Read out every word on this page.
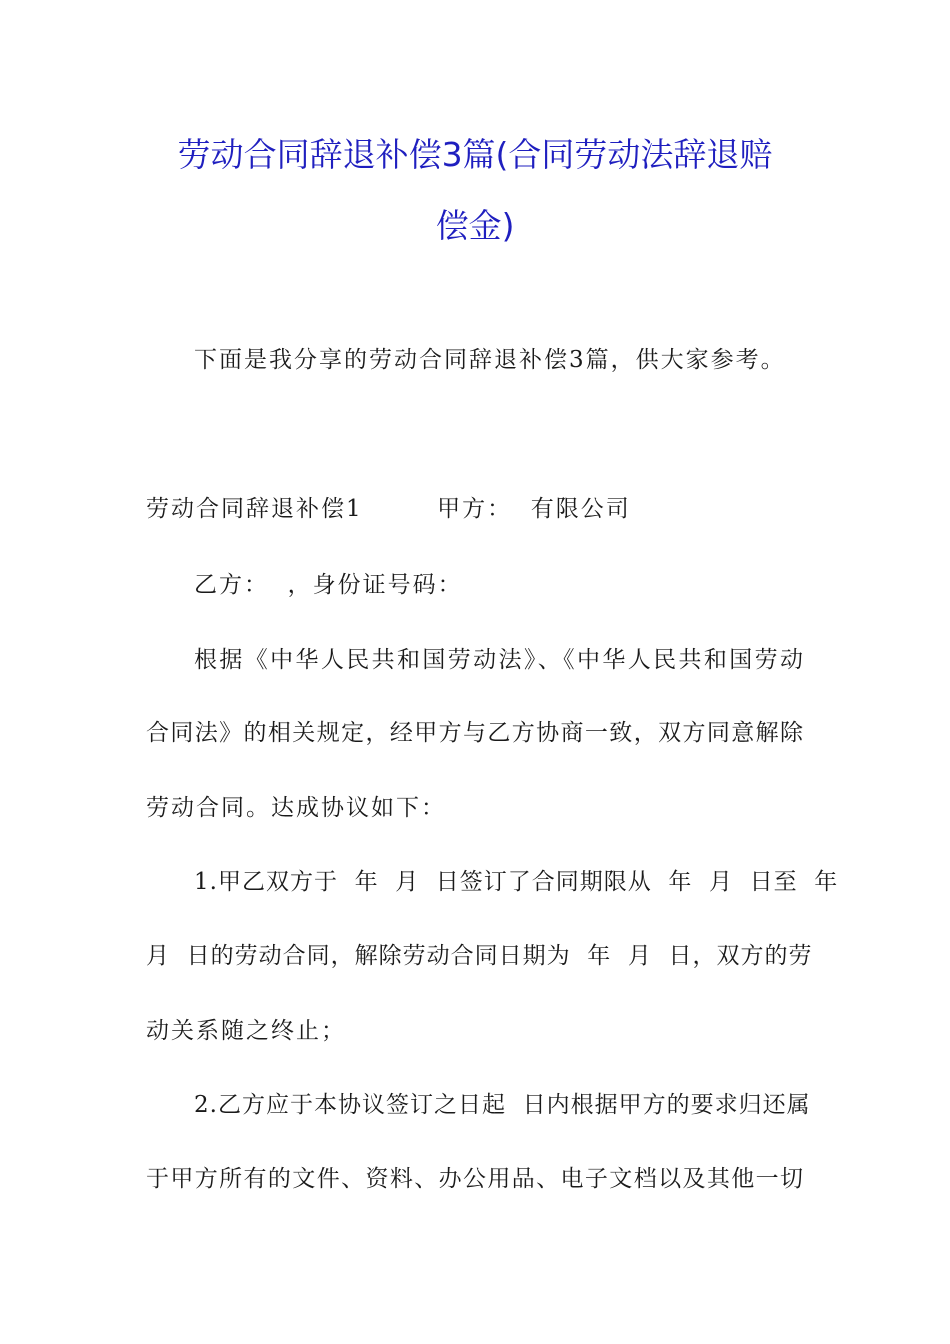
劳动合同辞退补偿3篇(合同劳动法辞退赔
偿金)
下面是我分享的劳动合同辞退补偿3篇，供大家参考。
劳动合同辞退补偿1        甲方：  有限公司
乙方：  ，身份证号码：
根据《中华人民共和国劳动法》、《中华人民共和国劳动
合同法》的相关规定，经甲方与乙方协商一致，双方同意解除
劳动合同。达成协议如下：
1.甲乙双方于  年  月  日签订了合同期限从  年  月  日至  年
月  日的劳动合同，解除劳动合同日期为  年  月  日，双方的劳
动关系随之终止；
2.乙方应于本协议签订之日起  日内根据甲方的要求归还属
于甲方所有的文件、资料、办公用品、电子文档以及其他一切
